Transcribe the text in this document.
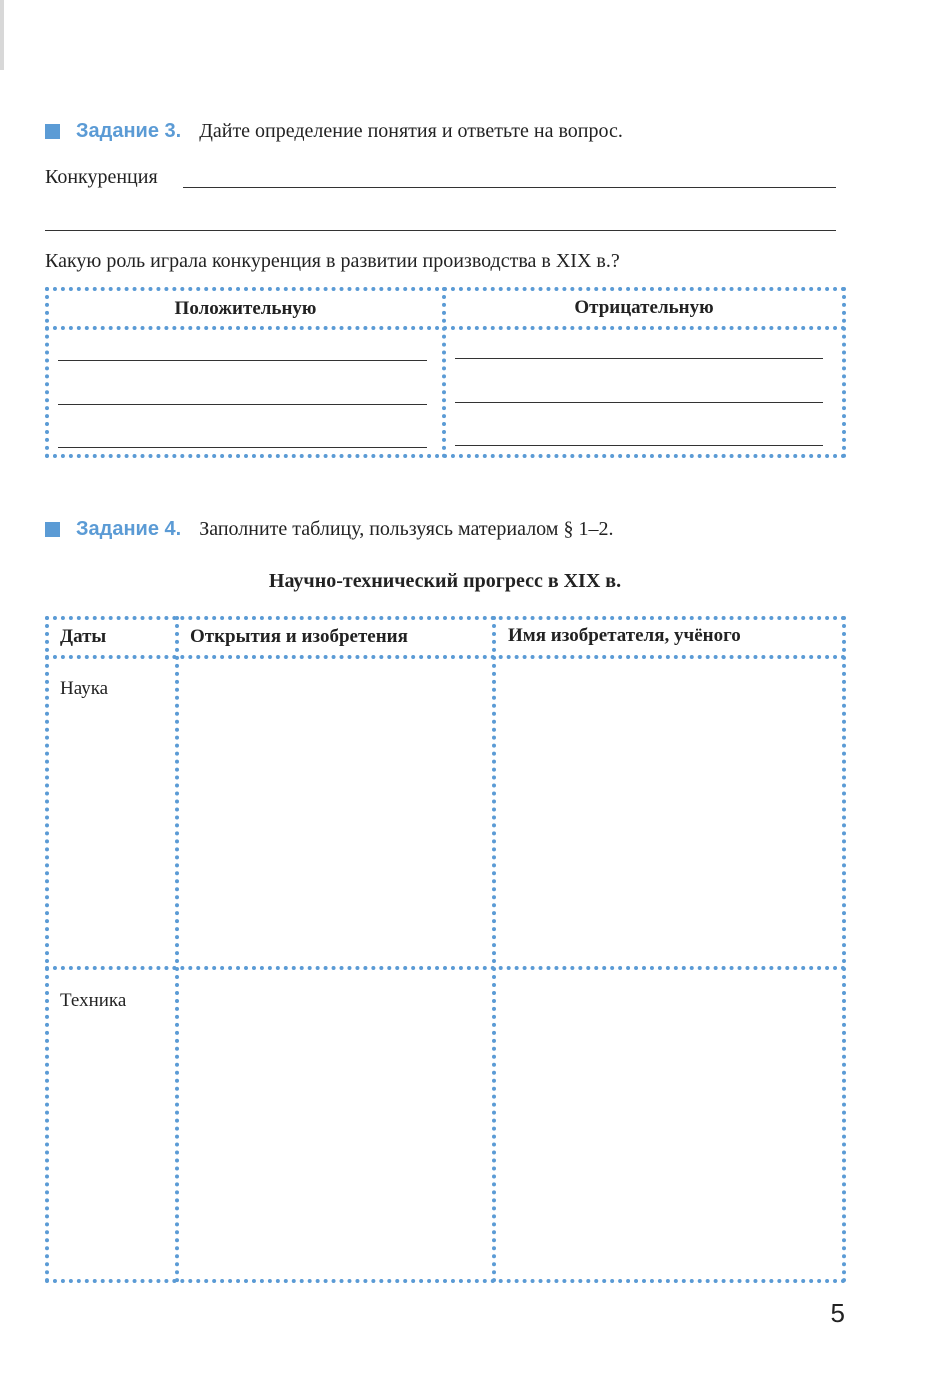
Задание 3. Дайте определение понятия и ответьте на вопрос.
Конкуренция
Какую роль играла конкуренция в развитии производства в XIX в.?
Положительную	Отрицательную
Задание 4. Заполните таблицу, пользуясь материалом § 1–2.
Научно-технический прогресс в XIX в.
Даты	Открытия и изобретения	Имя изобретателя, учёного
Наука
Техника
5
